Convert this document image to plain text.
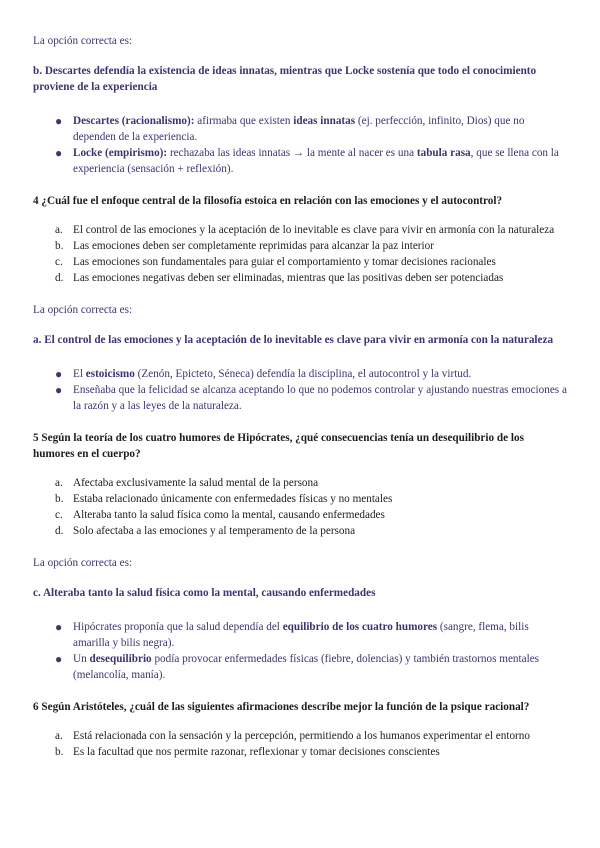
La opción correcta es:

b. Descartes defendía la existencia de ideas innatas, mientras que Locke sostenía que todo el conocimiento proviene de la experiencia

● Descartes (racionalismo): afirmaba que existen ideas innatas (ej. perfección, infinito, Dios) que no dependen de la experiencia.
● Locke (empirismo): rechazaba las ideas innatas → la mente al nacer es una tabula rasa, que se llena con la experiencia (sensación + reflexión).

4 ¿Cuál fue el enfoque central de la filosofía estoica en relación con las emociones y el autocontrol?

a. El control de las emociones y la aceptación de lo inevitable es clave para vivir en armonía con la naturaleza
b. Las emociones deben ser completamente reprimidas para alcanzar la paz interior
c. Las emociones son fundamentales para guiar el comportamiento y tomar decisiones racionales
d. Las emociones negativas deben ser eliminadas, mientras que las positivas deben ser potenciadas

La opción correcta es:

a. El control de las emociones y la aceptación de lo inevitable es clave para vivir en armonía con la naturaleza

● El estoicismo (Zenón, Epicteto, Séneca) defendía la disciplina, el autocontrol y la virtud.
● Enseñaba que la felicidad se alcanza aceptando lo que no podemos controlar y ajustando nuestras emociones a la razón y a las leyes de la naturaleza.

5 Según la teoría de los cuatro humores de Hipócrates, ¿qué consecuencias tenía un desequilibrio de los humores en el cuerpo?

a. Afectaba exclusivamente la salud mental de la persona
b. Estaba relacionado únicamente con enfermedades físicas y no mentales
c. Alteraba tanto la salud física como la mental, causando enfermedades
d. Solo afectaba a las emociones y al temperamento de la persona

La opción correcta es:

c. Alteraba tanto la salud física como la mental, causando enfermedades

● Hipócrates proponía que la salud dependía del equilibrio de los cuatro humores (sangre, flema, bilis amarilla y bilis negra).
● Un desequilibrio podía provocar enfermedades físicas (fiebre, dolencias) y también trastornos mentales (melancolía, manía).

6 Según Aristóteles, ¿cuál de las siguientes afirmaciones describe mejor la función de la psique racional?

a. Está relacionada con la sensación y la percepción, permitiendo a los humanos experimentar el entorno
b. Es la facultad que nos permite razonar, reflexionar y tomar decisiones conscientes
